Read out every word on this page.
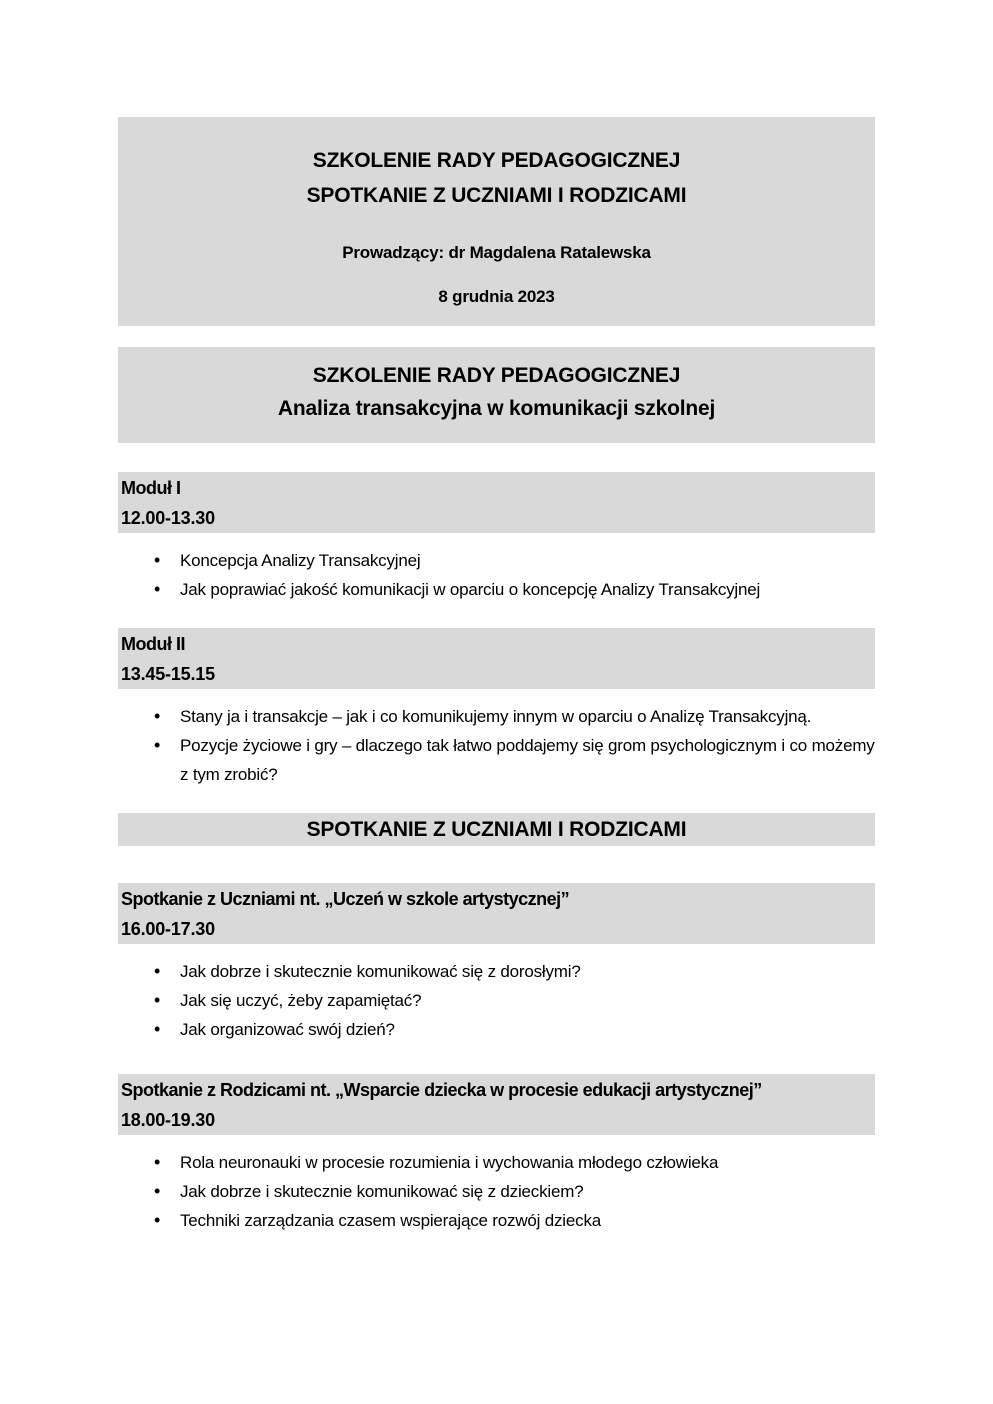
SZKOLENIE RADY PEDAGOGICZNEJ
SPOTKANIE Z UCZNIAMI I RODZICAMI
Prowadzący: dr Magdalena Ratalewska
8 grudnia 2023
SZKOLENIE RADY PEDAGOGICZNEJ
Analiza transakcyjna w komunikacji szkolnej
Moduł I
12.00-13.30
• Koncepcja Analizy Transakcyjnej
• Jak poprawiać jakość komunikacji w oparciu o koncepcję Analizy Transakcyjnej
Moduł II
13.45-15.15
• Stany ja i transakcje – jak i co komunikujemy innym w oparciu o Analizę Transakcyjną.
• Pozycje życiowe i gry – dlaczego tak łatwo poddajemy się grom psychologicznym i co możemy z tym zrobić?
SPOTKANIE Z UCZNIAMI I RODZICAMI
Spotkanie z Uczniami nt. „Uczeń w szkole artystycznej”
16.00-17.30
• Jak dobrze i skutecznie komunikować się z dorosłymi?
• Jak się uczyć, żeby zapamiętać?
• Jak organizować swój dzień?
Spotkanie z Rodzicami nt. „Wsparcie dziecka w procesie edukacji artystycznej”
18.00-19.30
• Rola neuronauki w procesie rozumienia i wychowania młodego człowieka
• Jak dobrze i skutecznie komunikować się z dzieckiem?
• Techniki zarządzania czasem wspierające rozwój dziecka
